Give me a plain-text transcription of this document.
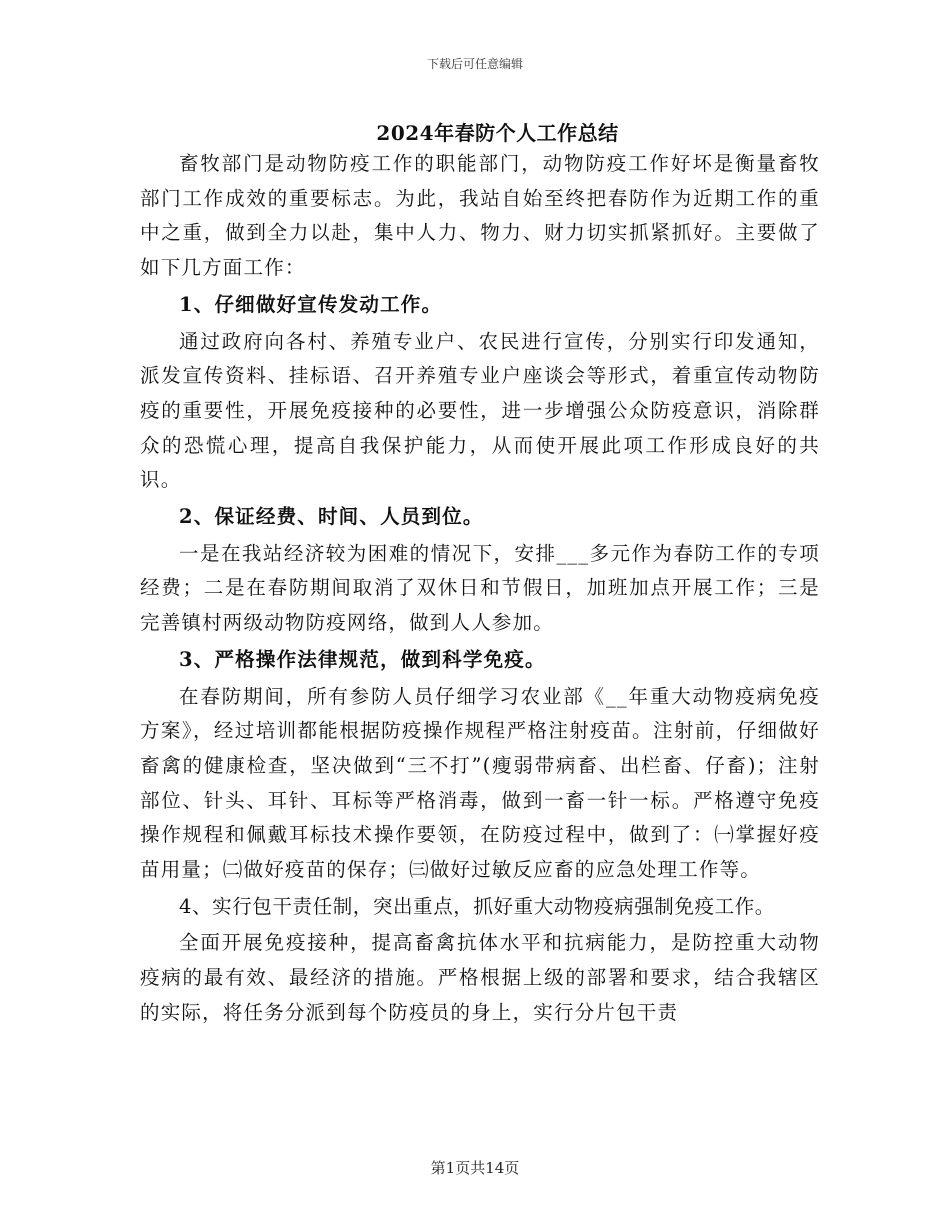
下载后可任意编辑
2024年春防个人工作总结

畜牧部门是动物防疫工作的职能部门，动物防疫工作好坏是衡量畜牧部门工作成效的重要标志。为此，我站自始至终把春防作为近期工作的重中之重，做到全力以赴，集中人力、物力、财力切实抓紧抓好。主要做了如下几方面工作：

1、仔细做好宣传发动工作。

通过政府向各村、养殖专业户、农民进行宣传，分别实行印发通知，派发宣传资料、挂标语、召开养殖专业户座谈会等形式，着重宣传动物防疫的重要性，开展免疫接种的必要性，进一步增强公众防疫意识，消除群众的恐慌心理，提高自我保护能力，从而使开展此项工作形成良好的共识。

2、保证经费、时间、人员到位。

一是在我站经济较为困难的情况下，安排___多元作为春防工作的专项经费；二是在春防期间取消了双休日和节假日，加班加点开展工作；三是完善镇村两级动物防疫网络，做到人人参加。

3、严格操作法律规范，做到科学免疫。

在春防期间，所有参防人员仔细学习农业部《__年重大动物疫病免疫方案》，经过培训都能根据防疫操作规程严格注射疫苗。注射前，仔细做好畜禽的健康检查，坚决做到“三不打”(瘦弱带病畜、出栏畜、仔畜)；注射部位、针头、耳针、耳标等严格消毒，做到一畜一针一标。严格遵守免疫操作规程和佩戴耳标技术操作要领，在防疫过程中，做到了：㈠掌握好疫苗用量；㈡做好疫苗的保存；㈢做好过敏反应畜的应急处理工作等。

4、实行包干责任制，突出重点，抓好重大动物疫病强制免疫工作。

全面开展免疫接种，提高畜禽抗体水平和抗病能力，是防控重大动物疫病的最有效、最经济的措施。严格根据上级的部署和要求，结合我辖区的实际，将任务分派到每个防疫员的身上，实行分片包干责

第1页共14页
